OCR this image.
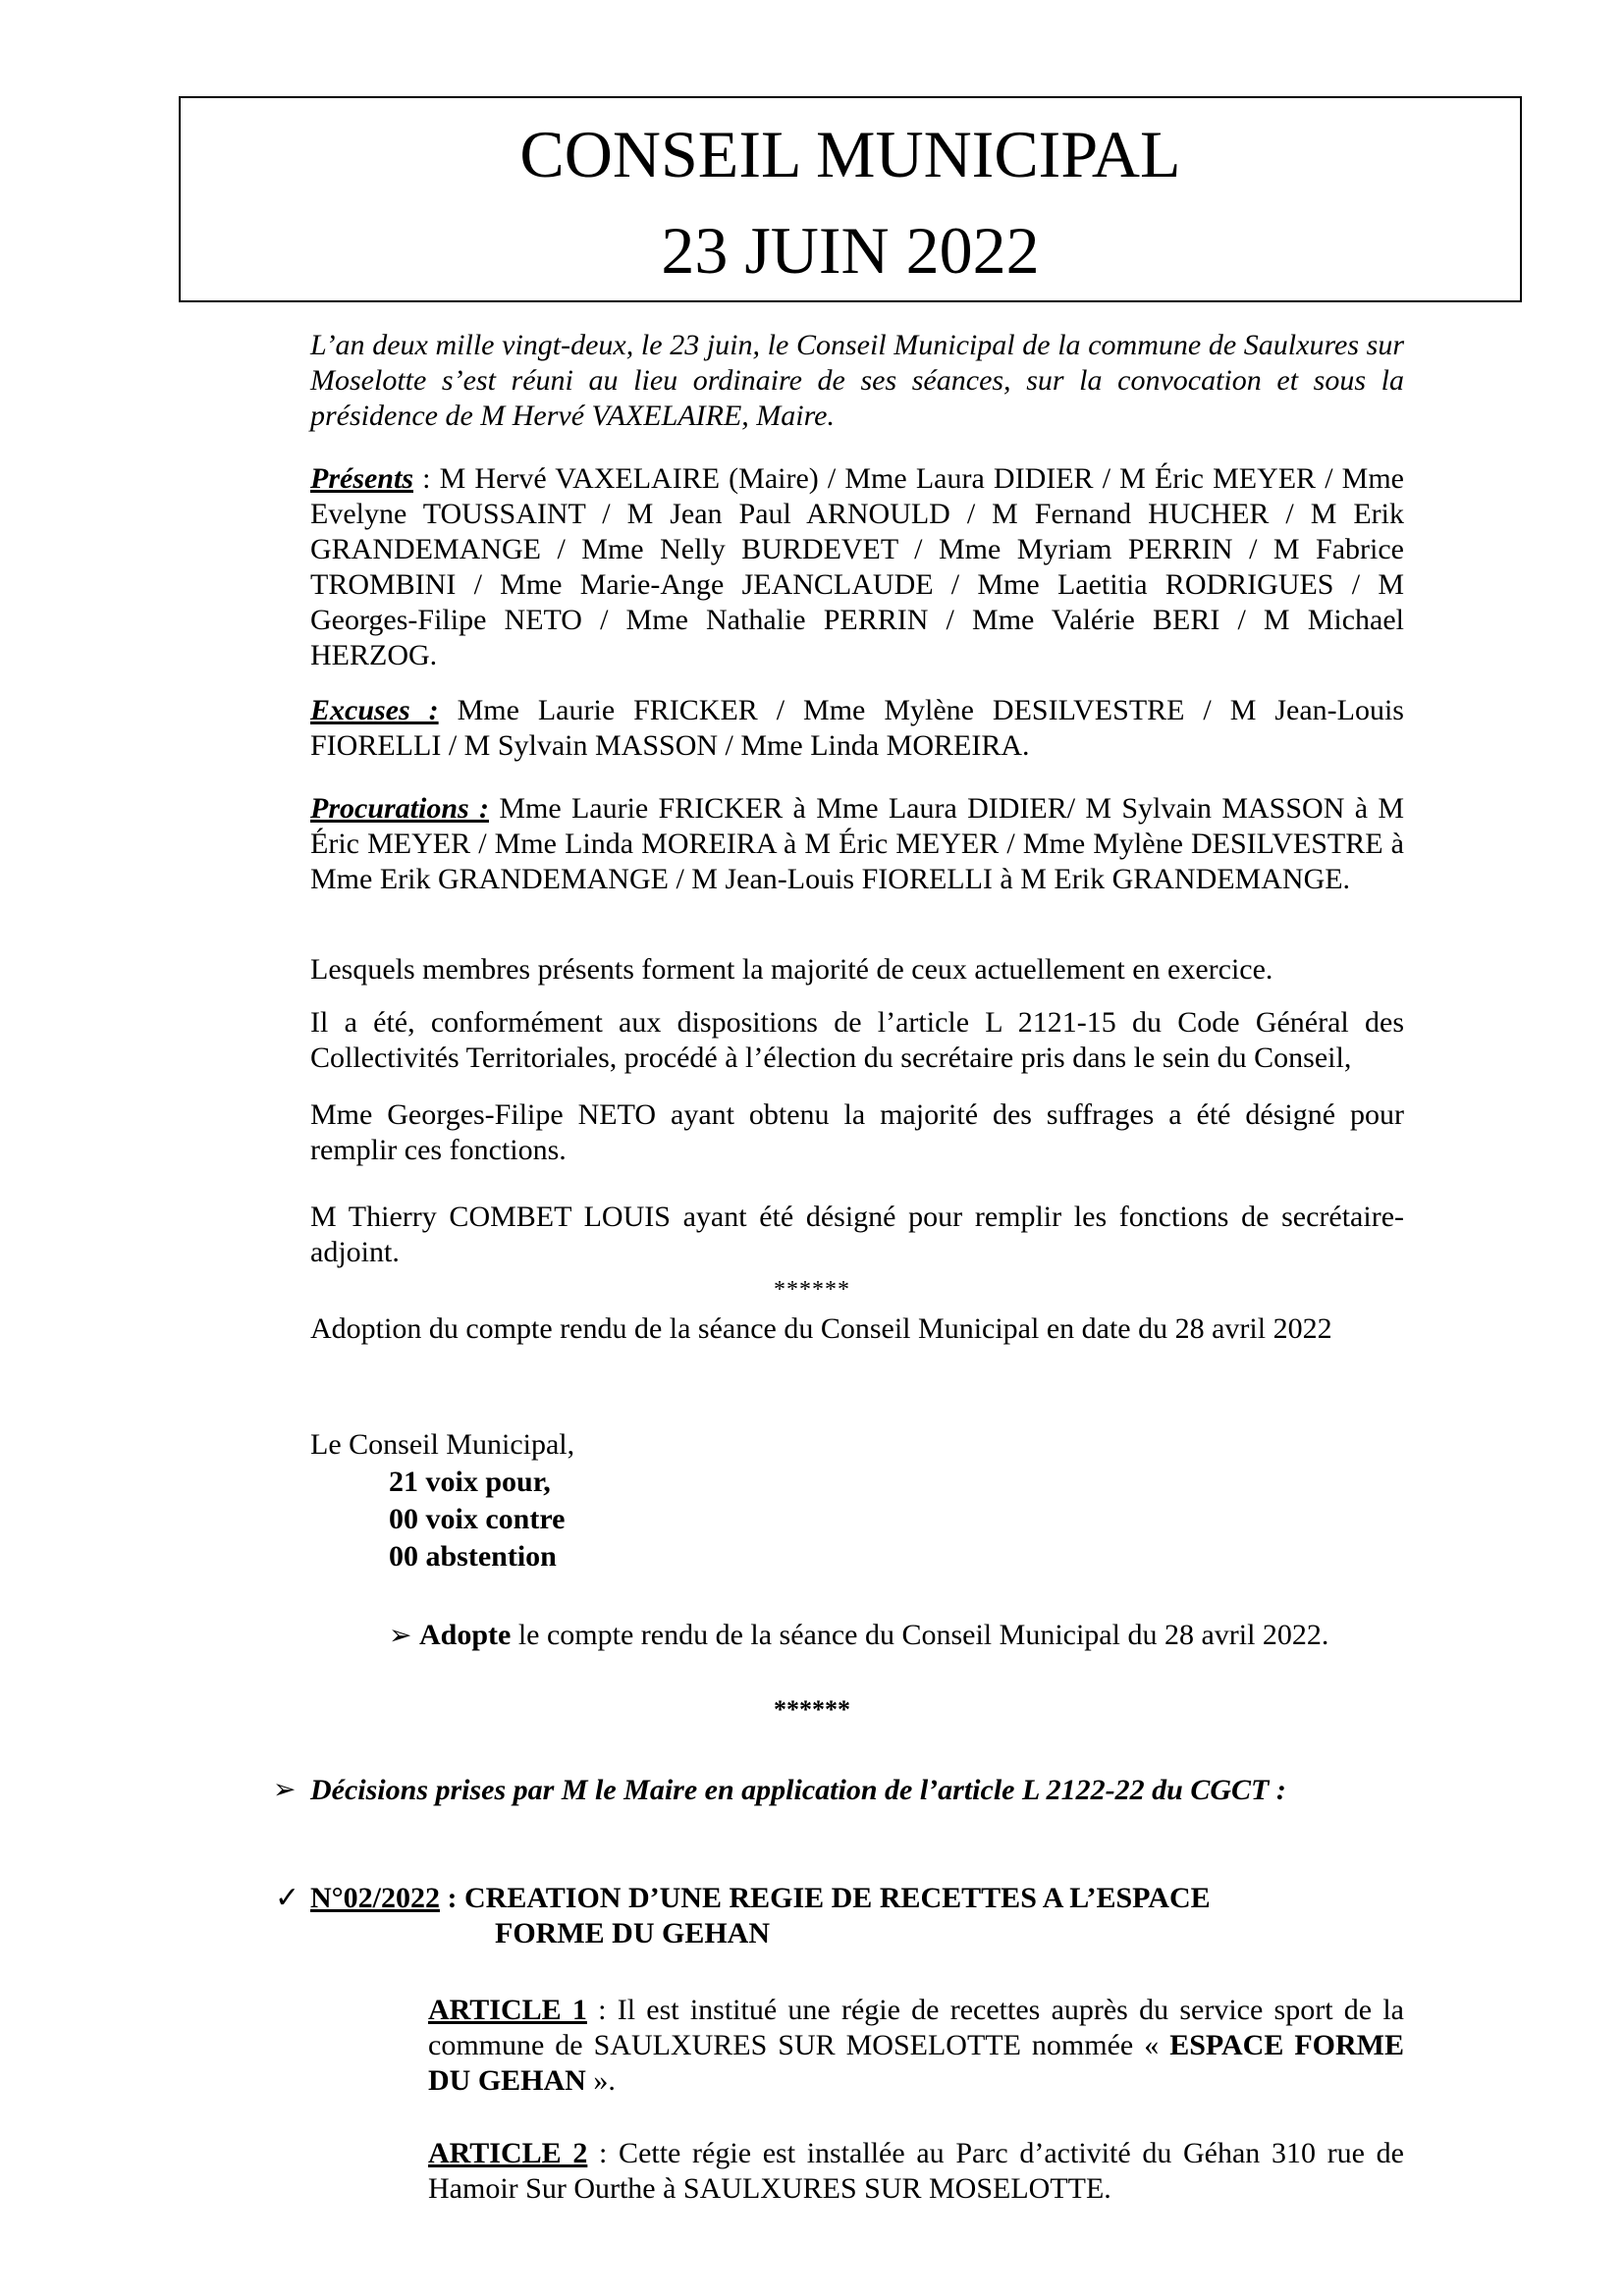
CONSEIL MUNICIPAL
23 JUIN 2022

L’an deux mille vingt-deux, le 23 juin, le Conseil Municipal de la commune de Saulxures sur Moselotte s’est réuni au lieu ordinaire de ses séances, sur la convocation et sous la présidence de M Hervé VAXELAIRE, Maire.

Présents : M Hervé VAXELAIRE (Maire) / Mme Laura DIDIER / M Éric MEYER / Mme Evelyne TOUSSAINT / M Jean Paul ARNOULD / M Fernand HUCHER / M Erik GRANDEMANGE / Mme Nelly BURDEVET / Mme Myriam PERRIN / M Fabrice TROMBINI / Mme Marie-Ange JEANCLAUDE / Mme Laetitia RODRIGUES / M Georges-Filipe NETO / Mme Nathalie PERRIN / Mme Valérie BERI / M Michael HERZOG.

Excuses : Mme Laurie FRICKER / Mme Mylène DESILVESTRE / M Jean-Louis FIORELLI / M Sylvain MASSON / Mme Linda MOREIRA.

Procurations : Mme Laurie FRICKER à Mme Laura DIDIER/ M Sylvain MASSON à M Éric MEYER / Mme Linda MOREIRA à M Éric MEYER / Mme Mylène DESILVESTRE à Mme Erik GRANDEMANGE / M Jean-Louis FIORELLI à M Erik GRANDEMANGE.

Lesquels membres présents forment la majorité de ceux actuellement en exercice.

Il a été, conformément aux dispositions de l’article L 2121-15 du Code Général des Collectivités Territoriales, procédé à l’élection du secrétaire pris dans le sein du Conseil,

Mme Georges-Filipe NETO ayant obtenu la majorité des suffrages a été désigné pour remplir ces fonctions.

M Thierry COMBET LOUIS ayant été désigné pour remplir les fonctions de secrétaire-adjoint.

******

Adoption du compte rendu de la séance du Conseil Municipal en date du 28 avril 2022

Le Conseil Municipal,

21 voix pour,
00 voix contre
00 abstention

➢ Adopte le compte rendu de la séance du Conseil Municipal du 28 avril 2022.

******
➢ Décisions prises par M le Maire en application de l’article L 2122-22 du CGCT :

✓ N°02/2022 : CREATION D’UNE REGIE DE RECETTES A L’ESPACE
FORME DU GEHAN

ARTICLE 1 : Il est institué une régie de recettes auprès du service sport de la commune de SAULXURES SUR MOSELOTTE nommée « ESPACE FORME DU GEHAN ».

ARTICLE 2 : Cette régie est installée au Parc d’activité du Géhan 310 rue de Hamoir Sur Ourthe à SAULXURES SUR MOSELOTTE.
